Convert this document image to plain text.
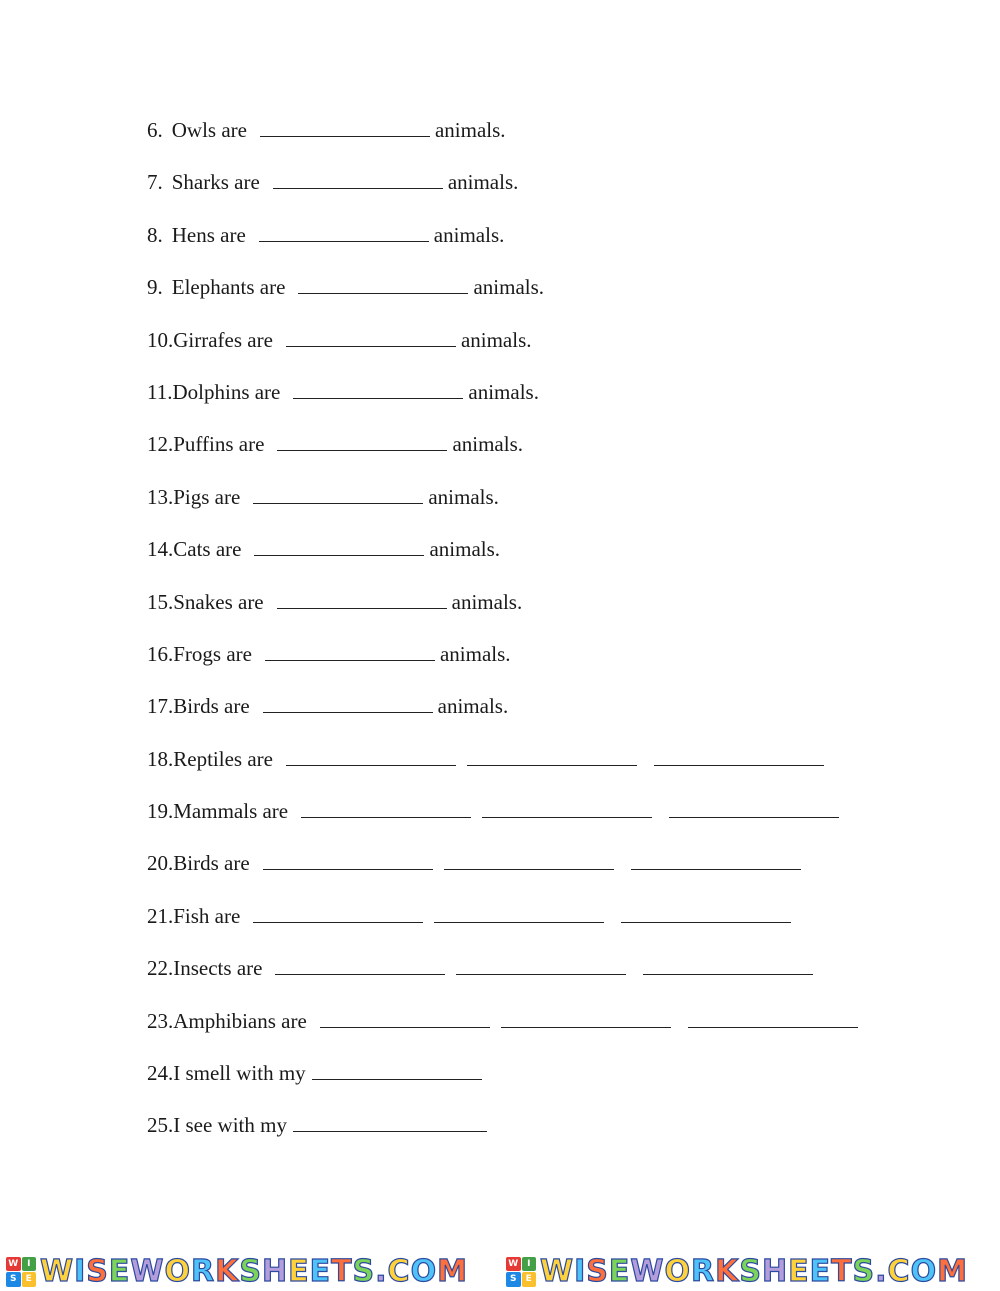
6. Owls are	animals.
7. Sharks are	animals.
8. Hens are	animals.
9. Elephants are	animals.
10.Girrafes are	animals.
11.Dolphins are	animals.
12.Puffins are	animals.
13.Pigs are	animals.
14.Cats are	animals.
15.Snakes are	animals.
16.Frogs are	animals.
17.Birds are	animals.
18.Reptiles are
19.Mammals are
20.Birds are
21.Fish are
22.Insects are
23.Amphibians are
24.I smell with my
25.I see with my
W I
S	E WISEWORKSHEETS.COM	W I
S	E WISEWORKSHEETS.COM
